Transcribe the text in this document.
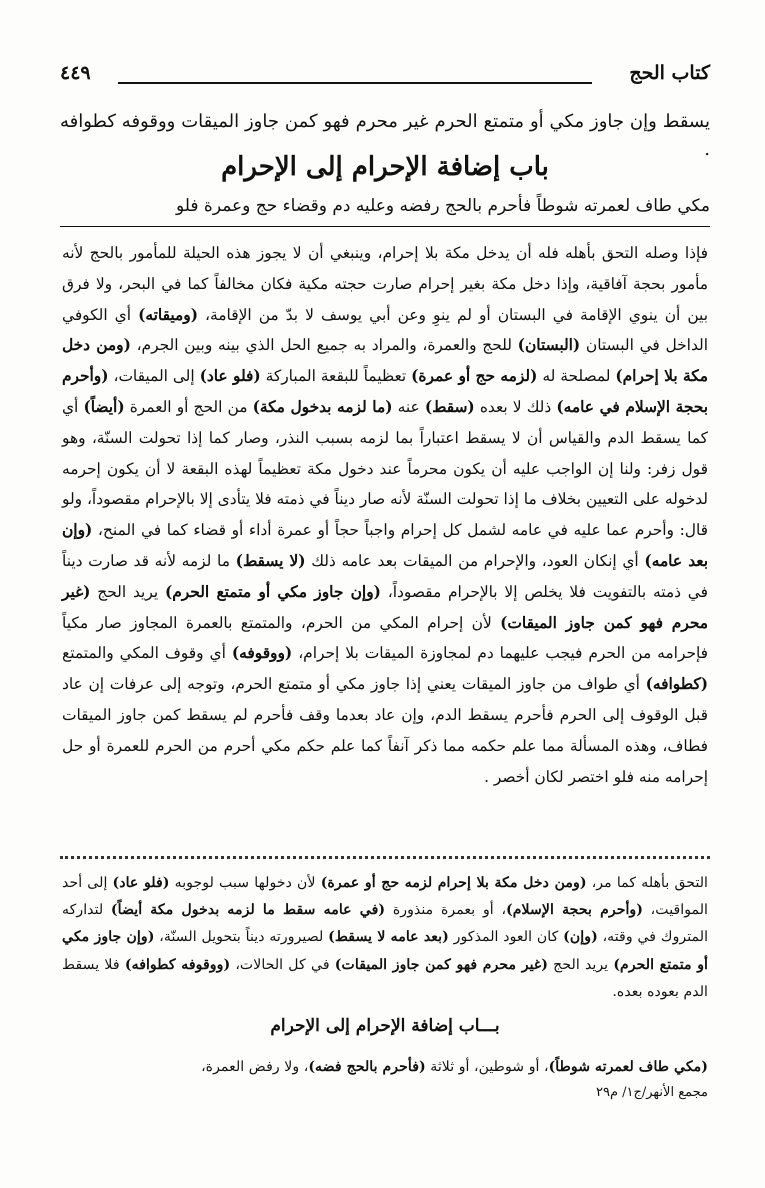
كتاب الحج
٤٤٩

يسقط وإن جاوز مكي أو متمتع الحرم غير محرم فهو كمن جاوز الميقات ووقوفه كطوافه .

باب إضافة الإحرام إلى الإحرام

مكي طاف لعمرته شوطاً فأحرم بالحج رفضه وعليه دم وقضاء حج وعمرة فلو

فإذا وصله التحق بأهله فله أن يدخل مكة بلا إحرام، وينبغي أن لا يجوز هذه الحيلة للمأمور بالحج لأنه مأمور بحجة آفاقية، وإذا دخل مكة بغير إحرام صارت حجته مكية فكان مخالفاً كما في البحر، ولا فرق بين أن ينوي الإقامة في البستان أو لم ينوِ وعن أبي يوسف لا بدّ من الإقامة، (وميقاته) أي الكوفي الداخل في البستان (البستان) للحج والعمرة، والمراد به جميع الحل الذي بينه وبين الجرم، (ومن دخل مكة بلا إحرام) لمصلحة له (لزمه حج أو عمرة) تعظيماً للبقعة المباركة (فلو عاد) إلى الميقات، (وأحرم بحجة الإسلام في عامه) ذلك لا بعده (سقط) عنه (ما لزمه بدخول مكة) من الحج أو العمرة (أيضاً) أي كما يسقط الدم والقياس أن لا يسقط اعتباراً بما لزمه بسبب النذر، وصار كما إذا تحولت السنّة، وهو قول زفر: ولنا إن الواجب عليه أن يكون محرماً عند دخول مكة تعظيماً لهذه البقعة لا أن يكون إحرمه لدخوله على التعيين بخلاف ما إذا تحولت السنّة لأنه صار ديناً في ذمته فلا يتأدى إلا بالإحرام مقصوداً، ولو قال: وأحرم عما عليه في عامه لشمل كل إحرام واجباً حجاً أو عمرة أداء أو قضاء كما في المنح، (وإن بعد عامه) أي إنكان العود، والإحرام من الميقات بعد عامه ذلك (لا يسقط) ما لزمه لأنه قد صارت ديناً في ذمته بالتفويت فلا يخلص إلا بالإحرام مقصوداً، (وإن جاوز مكي أو متمتع الحرم) يريد الحج (غير محرم فهو كمن جاوز الميقات) لأن إحرام المكي من الحرم، والمتمتع بالعمرة المجاوز صار مكياً فإحرامه من الحرم فيجب عليهما دم لمجاوزة الميقات بلا إحرام، (ووقوفه) أي وقوف المكي والمتمتع (كطوافه) أي طواف من جاوز الميقات يعني إذا جاوز مكي أو متمتع الحرم، وتوجه إلى عرفات إن عاد قبل الوقوف إلى الحرم فأحرم يسقط الدم، وإن عاد بعدما وقف فأحرم لم يسقط كمن جاوز الميقات فطاف، وهذه المسألة مما علم حكمه مما ذكر آنفاً كما علم حكم مكي أحرم من الحرم للعمرة أو حل إحرامه منه فلو اختصر لكان أخصر .

التحق بأهله كما مر، (ومن دخل مكة بلا إحرام لزمه حج أو عمرة) لأن دخولها سبب لوجوبه (فلو عاد) إلى أحد المواقيت، (وأحرم بحجة الإسلام)، أو بعمرة منذورة (في عامه سقط ما لزمه بدخول مكة أيضاً) لتداركه المتروك في وقته، (وإن) كان العود المذكور (بعد عامه لا يسقط) لصيرورته ديناً بتحويل السنّة، (وإن جاوز مكي أو متمتع الحرم) يريد الحج (غير محرم فهو كمن جاوز الميقات) في كل الحالات، (ووقوفه كطوافه) فلا يسقط الدم بعوده بعده.

بـــاب إضافة الإحرام إلى الإحرام

(مكي طاف لعمرته شوطاً)، أو شوطين، أو ثلاثة (فأحرم بالحج فضه)، ولا رفض العمرة،

مجمع الأنهر/ج١/ م٢٩
